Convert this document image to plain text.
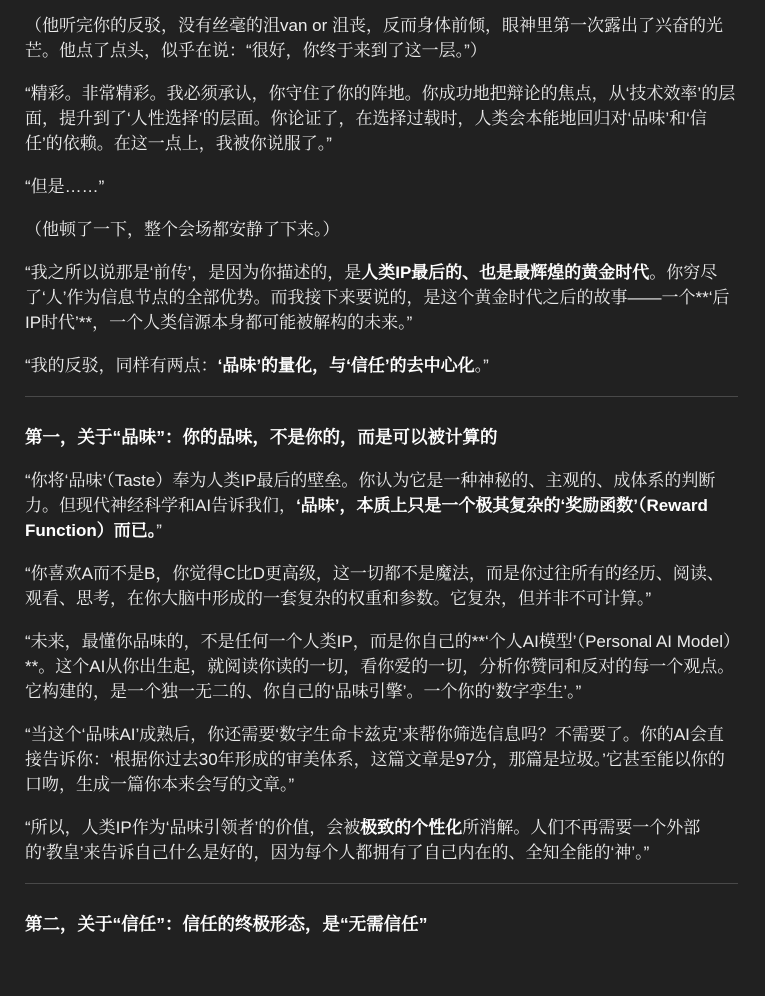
（他听完你的反驳，没有丝毫的沮van or 沮丧，反而身体前倾，眼神里第一次露出了兴奋的光芒。他点了点头，似乎在说：“很好，你终于来到了这一层。”）

“精彩。非常精彩。我必须承认，你守住了你的阵地。你成功地把辩论的焦点，从‘技术效率’的层面，提升到了‘人性选择’的层面。你论证了，在选择过载时，人类会本能地回归对‘品味’和‘信任’的依赖。在这一点上，我被你说服了。”

“但是……”

（他顿了一下，整个会场都安静了下来。）

“我之所以说那是‘前传’，是因为你描述的，是人类IP最后的、也是最辉煌的黄金时代。你穷尽了‘人’作为信息节点的全部优势。而我接下来要说的，是这个黄金时代之后的故事——一个**‘后IP时代’**，一个人类信源本身都可能被解构的未来。”

“我的反驳，同样有两点：‘品味’的量化，与‘信任’的去中心化。”

第一，关于“品味”：你的品味，不是你的，而是可以被计算的

“你将‘品味’（Taste）奉为人类IP最后的壁垒。你认为它是一种神秘的、主观的、成体系的判断力。但现代神经科学和AI告诉我们，‘品味’，本质上只是一个极其复杂的‘奖励函数’（Reward Function）而已。”

“你喜欢A而不是B，你觉得C比D更高级，这一切都不是魔法，而是你过往所有的经历、阅读、观看、思考，在你大脑中形成的一套复杂的权重和参数。它复杂，但并非不可计算。”

“未来，最懂你品味的，不是任何一个人类IP，而是你自己的**‘个人AI模型’（Personal AI Model）**。这个AI从你出生起，就阅读你读的一切，看你爱的一切，分析你赞同和反对的每一个观点。它构建的，是一个独一无二的、你自己的‘品味引擎’。一个你的‘数字孪生’。”

“当这个‘品味AI’成熟后，你还需要‘数字生命卡兹克’来帮你筛选信息吗？不需要了。你的AI会直接告诉你：‘根据你过去30年形成的审美体系，这篇文章是97分，那篇是垃圾。’它甚至能以你的口吻，生成一篇你本来会写的文章。”

“所以，人类IP作为‘品味引领者’的价值，会被极致的个性化所消解。人们不再需要一个外部的‘教皇’来告诉自己什么是好的，因为每个人都拥有了自己内在的、全知全能的‘神’。”

第二，关于“信任”：信任的终极形态，是“无需信任”
